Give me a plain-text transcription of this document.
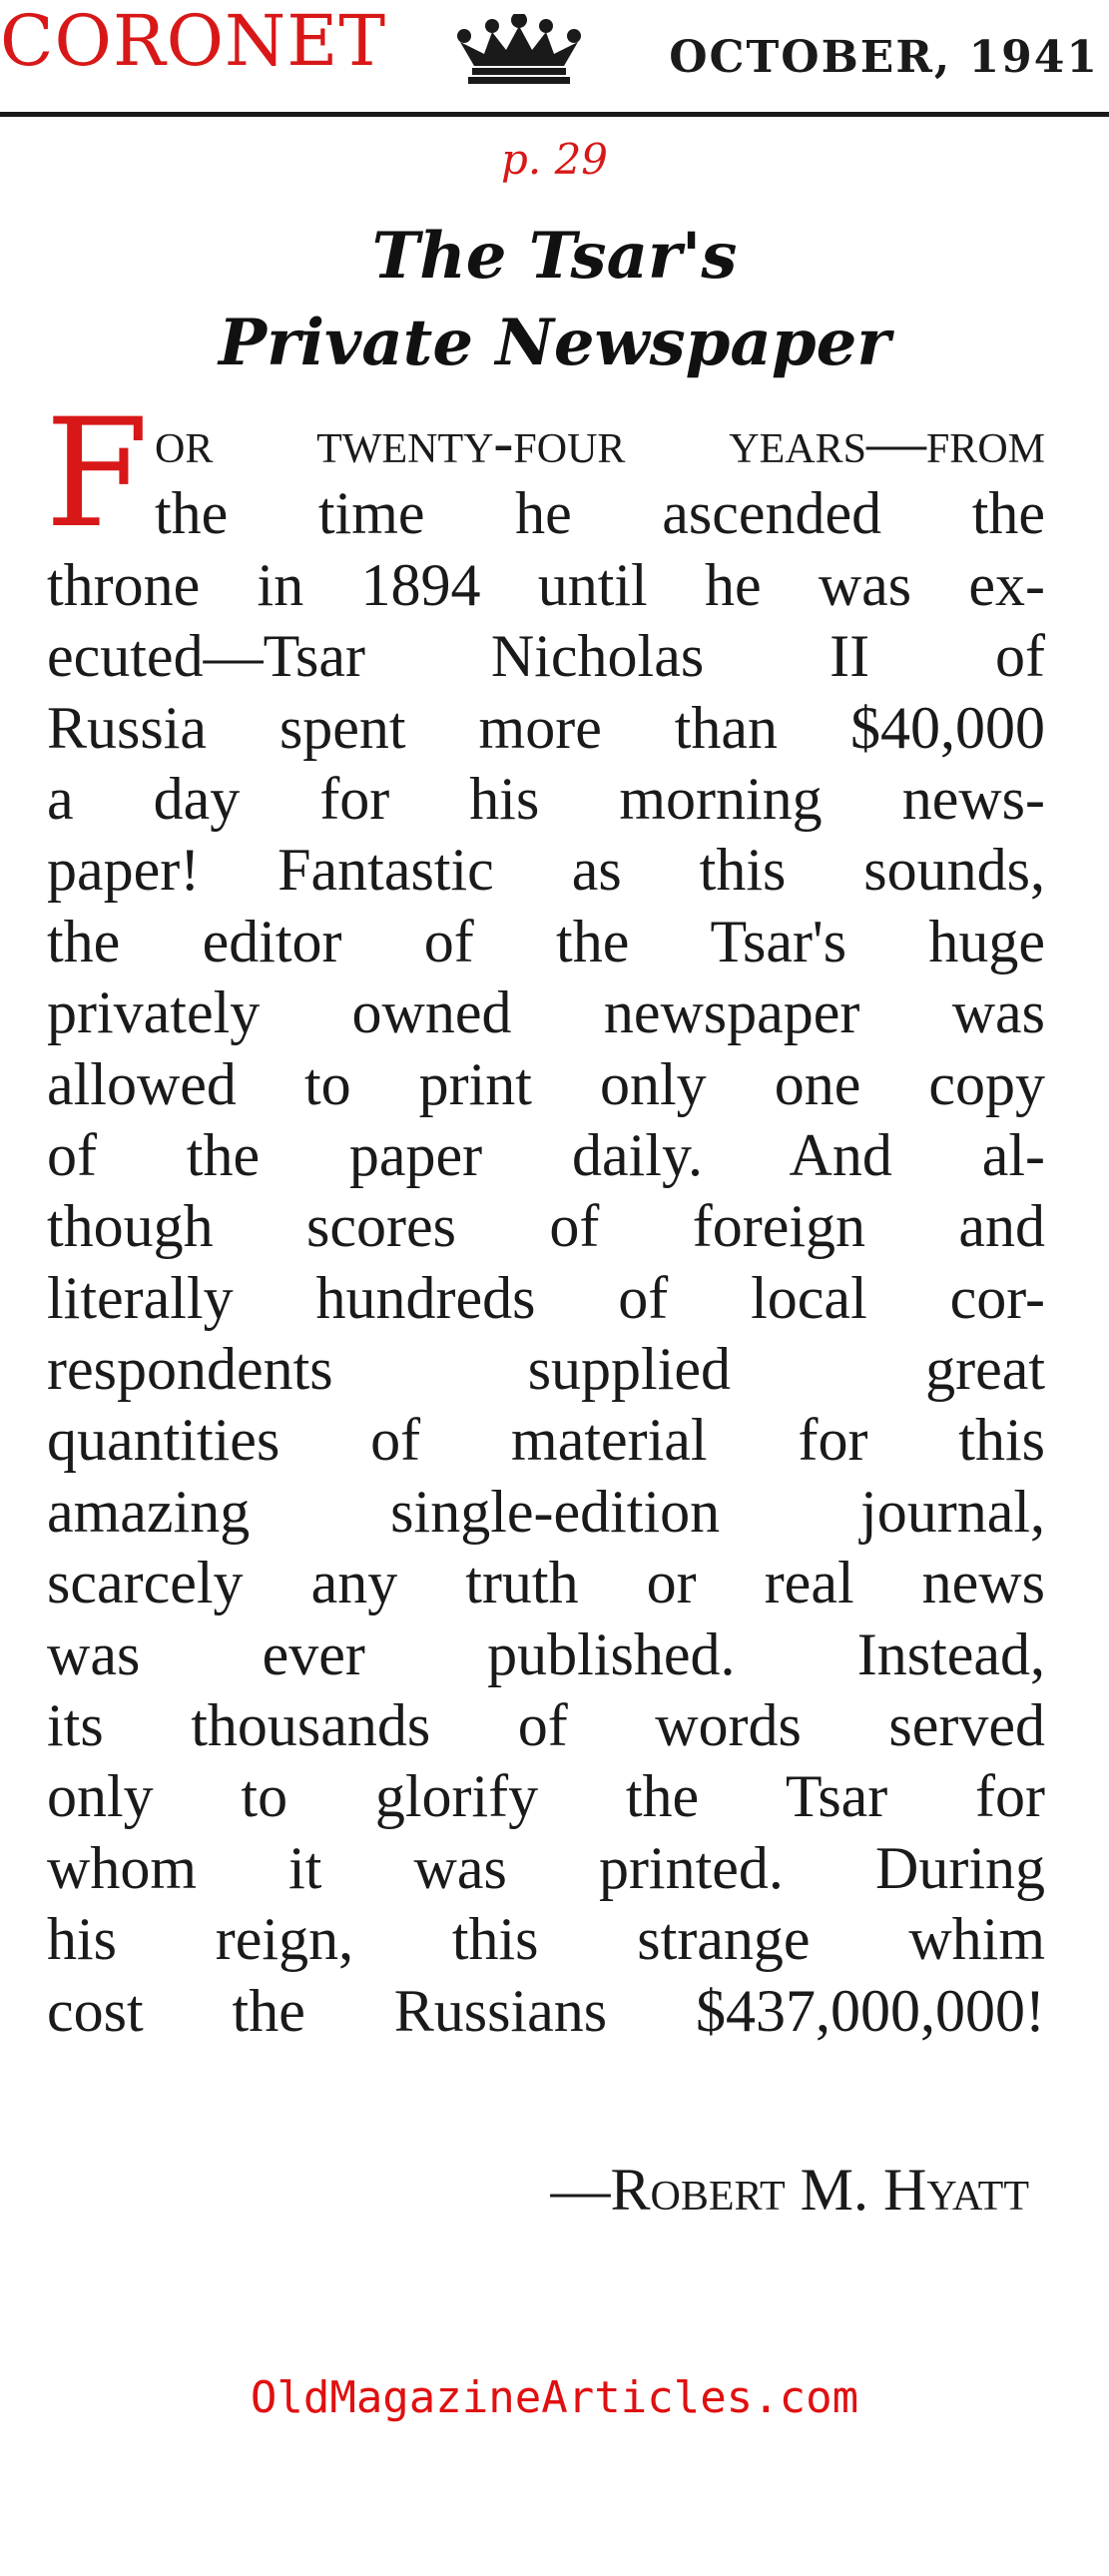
CORONET	OCTOBER, 1941
p. 29
The Tsar's
Private Newspaper
F or twenty-four years—from
the time he ascended the
throne in 1894 until he was ex-
ecuted—Tsar Nicholas II of
Russia spent more than $40,000
a day for his morning news-
paper! Fantastic as this sounds,
the editor of the Tsar's huge
privately owned newspaper was
allowed to print only one copy
of the paper daily. And al-
though scores of foreign and
literally hundreds of local cor-
respondents supplied great
quantities of material for this
amazing single-edition journal,
scarcely any truth or real news
was ever published. Instead,
its thousands of words served
only to glorify the Tsar for
whom it was printed. During
his reign, this strange whim
cost the Russians $437,000,000!
—Robert M. Hyatt
OldMagazineArticles.com
